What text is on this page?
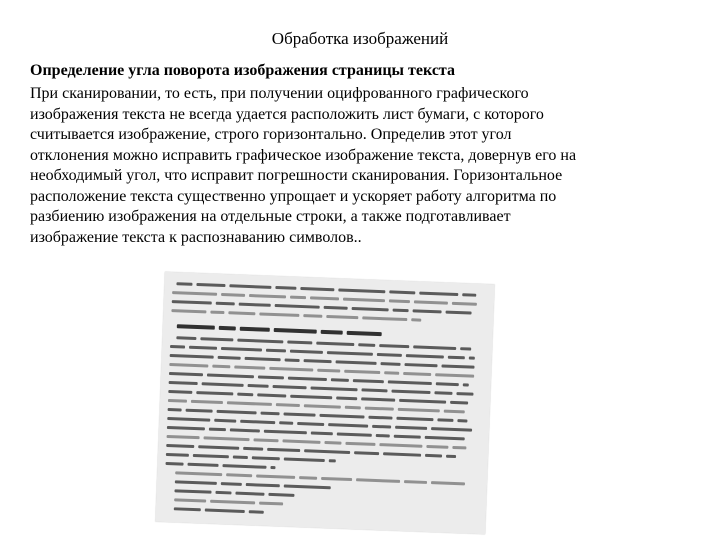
Обработка изображений
Определение угла поворота изображения страницы текста

При сканировании, то есть, при получении оцифрованного графического
изображения текста не всегда удается расположить лист бумаги, с которого
считывается изображение, строго горизонтально. Определив этот угол
отклонения можно исправить графическое изображение текста, довернув его на
необходимый угол, что исправит погрешности сканирования. Горизонтальное
расположение текста существенно упрощает и ускоряет работу алгоритма по
разбиению изображения на отдельные строки, а также подготавливает
изображение текста к распознаванию символов..
